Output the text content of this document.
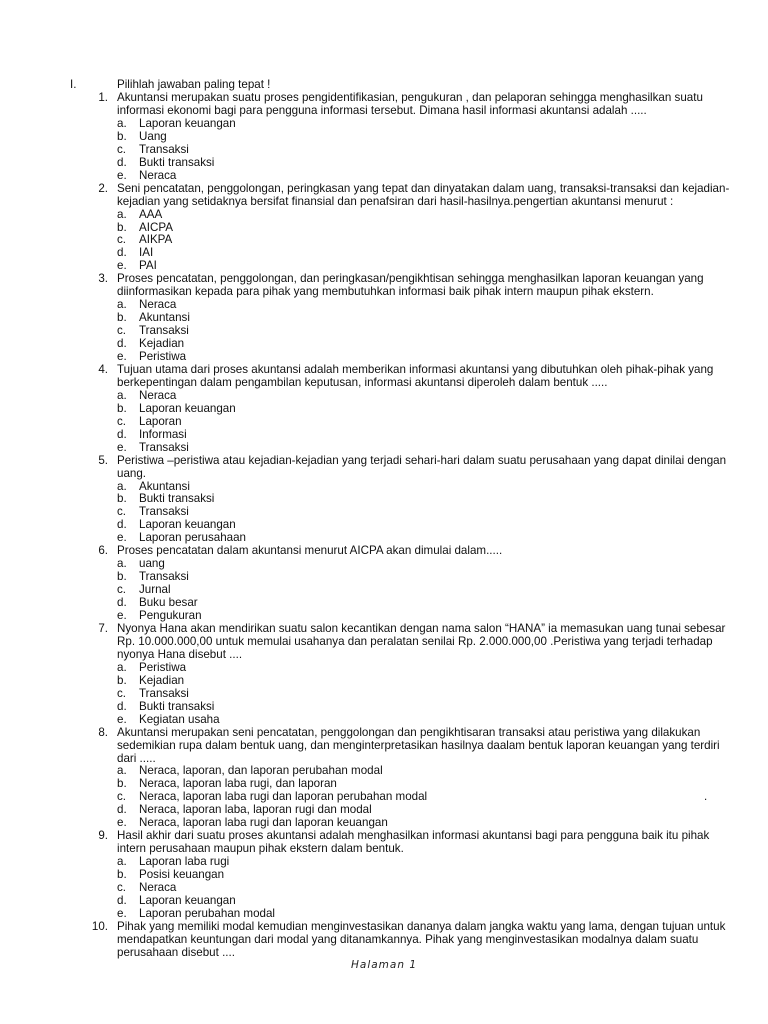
I.	Pilihlah jawaban paling tepat !
1. Akuntansi merupakan suatu proses pengidentifikasian, pengukuran , dan pelaporan sehingga menghasilkan suatu
informasi ekonomi bagi para pengguna informasi tersebut. Dimana hasil informasi akuntansi adalah .....
a. Laporan keuangan
b. Uang
c. Transaksi
d. Bukti transaksi
e. Neraca
2. Seni pencatatan, penggolongan, peringkasan yang tepat dan dinyatakan dalam uang, transaksi-transaksi dan kejadian-
kejadian yang setidaknya bersifat finansial dan penafsiran dari hasil-hasilnya.pengertian akuntansi menurut :
a. AAA
b. AICPA
c. AIKPA
d. IAI
e. PAI
3. Proses pencatatan, penggolongan, dan peringkasan/pengikhtisan sehingga menghasilkan laporan keuangan yang
diinformasikan kepada para pihak yang membutuhkan informasi baik pihak intern maupun pihak ekstern.
a. Neraca
b. Akuntansi
c. Transaksi
d. Kejadian
e. Peristiwa
4. Tujuan utama dari proses akuntansi adalah memberikan informasi akuntansi yang dibutuhkan oleh pihak-pihak yang
berkepentingan dalam pengambilan keputusan, informasi akuntansi diperoleh dalam bentuk .....
a. Neraca
b. Laporan keuangan
c. Laporan
d. Informasi
e. Transaksi
5. Peristiwa –peristiwa atau kejadian-kejadian yang terjadi sehari-hari dalam suatu perusahaan yang dapat dinilai dengan
uang.
a. Akuntansi
b. Bukti transaksi
c. Transaksi
d. Laporan keuangan
e. Laporan perusahaan
6. Proses pencatatan dalam akuntansi menurut AICPA akan dimulai dalam.....
a. uang
b. Transaksi
c. Jurnal
d. Buku besar
e. Pengukuran
7. Nyonya Hana akan mendirikan suatu salon kecantikan dengan nama salon “HANA” ia memasukan uang tunai sebesar
Rp. 10.000.000,00 untuk memulai usahanya dan peralatan senilai Rp. 2.000.000,00 .Peristiwa yang terjadi terhadap
nyonya Hana disebut ....
a. Peristiwa
b. Kejadian
c. Transaksi
d. Bukti transaksi
e. Kegiatan usaha
8. Akuntansi merupakan seni pencatatan, penggolongan dan pengikhtisaran transaksi atau peristiwa yang dilakukan
sedemikian rupa dalam bentuk uang, dan menginterpretasikan hasilnya daalam bentuk laporan keuangan yang terdiri
dari .....
a. Neraca, laporan, dan laporan perubahan modal
b. Neraca, laporan laba rugi, dan laporan
c. Neraca, laporan laba rugi dan laporan perubahan modal	.
d. Neraca, laporan laba, laporan rugi dan modal
e. Neraca, laporan laba rugi dan laporan keuangan
9. Hasil akhir dari suatu proses akuntansi adalah menghasilkan informasi akuntansi bagi para pengguna baik itu pihak
intern perusahaan maupun pihak ekstern dalam bentuk.
a. Laporan laba rugi
b. Posisi keuangan
c. Neraca
d. Laporan keuangan
e. Laporan perubahan modal
10. Pihak yang memiliki modal kemudian menginvestasikan dananya dalam jangka waktu yang lama, dengan tujuan untuk
mendapatkan keuntungan dari modal yang ditanamkannya. Pihak yang menginvestasikan modalnya dalam suatu
perusahaan disebut ....
Halaman 1
